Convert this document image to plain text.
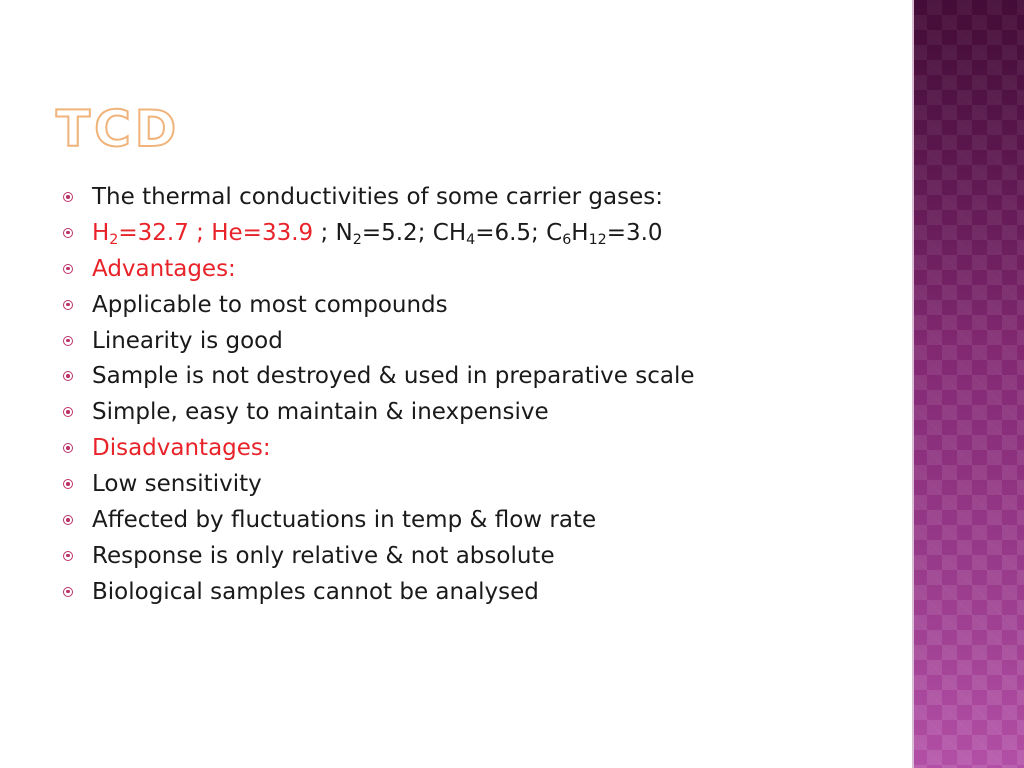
TCD
The thermal conductivities of some carrier gases:
$H_2=32.7$ ; He=33.9 ; $N_2=5.2$; $CH_4=6.5$; $C_6H_{12}=3.0$
Advantages:
Applicable to most compounds
Linearity is good
Sample is not destroyed & used in preparative scale
Simple, easy to maintain & inexpensive
Disadvantages:
Low sensitivity
Affected by fluctuations in temp & flow rate
Response is only relative & not absolute
Biological samples cannot be analysed
